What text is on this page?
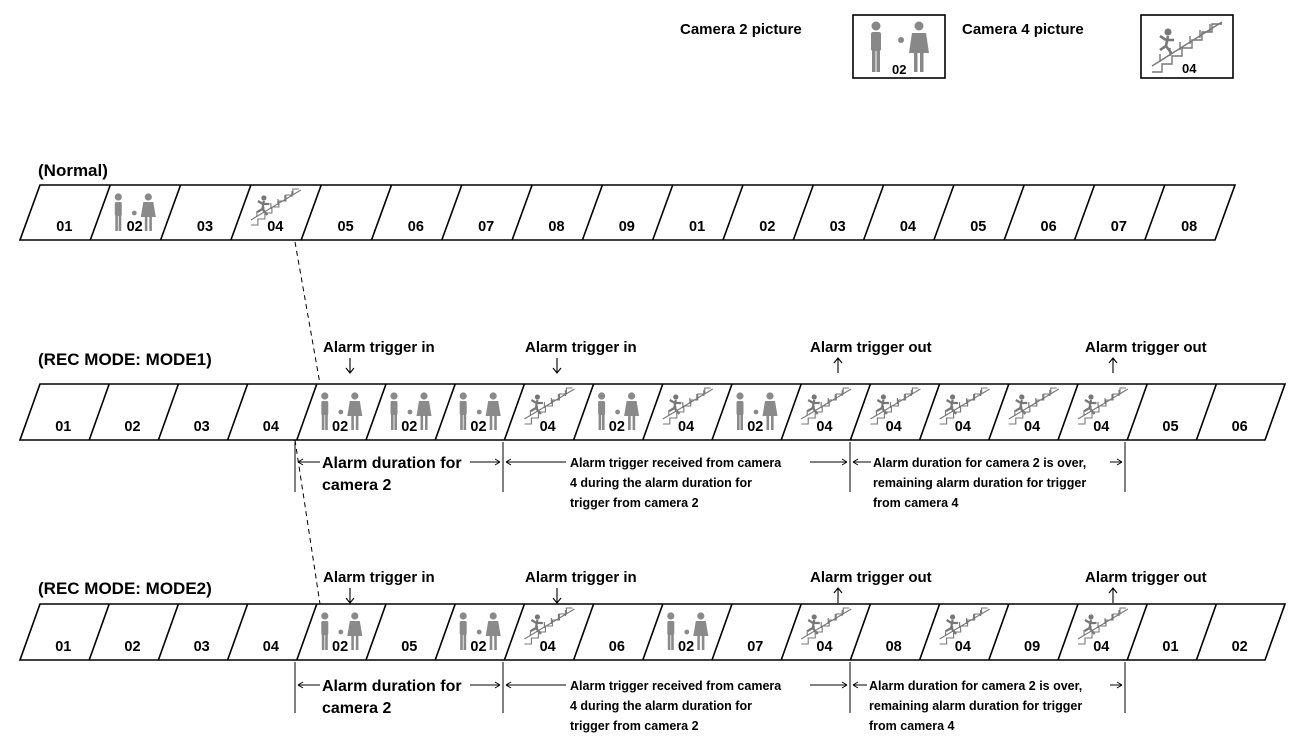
Camera 2 picture
02
Camera 4 picture
04
(Normal)
01	02	03	04	05	06	07	08	09	01	02	03	04	05	06	07	08
(REC MODE: MODE1)
Alarm trigger in	Alarm trigger in	Alarm trigger out	Alarm trigger out
01	02	03	04	02	02	02	04	02	04	02	04	04	04	04	04	05	06
Alarm duration for
camera 2
Alarm trigger received from camera
4 during the alarm duration for
trigger from camera 2
Alarm duration for camera 2 is over,
remaining alarm duration for trigger
from camera 4
(REC MODE: MODE2)
Alarm trigger in	Alarm trigger in	Alarm trigger out	Alarm trigger out
01	02	03	04	02	05	02	04	06	02	07	04	08	04	09	04	01	02
Alarm duration for
camera 2
Alarm trigger received from camera
4 during the alarm duration for
trigger from camera 2
Alarm duration for camera 2 is over,
remaining alarm duration for trigger
from camera 4
